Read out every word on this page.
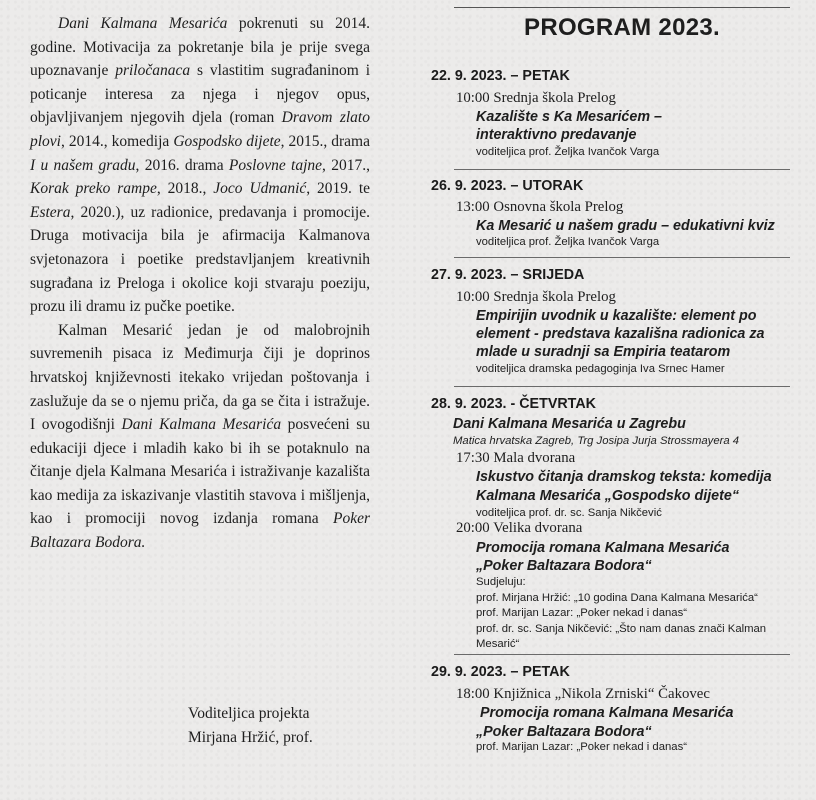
Dani Kalmana Mesarića pokrenuti su 2014. godine. Motivacija za pokretanje bila je prije svega upoznavanje priločanaca s vlastitim sugrađaninom i poticanje interesa za njega i njegov opus, objavljivanjem njegovih djela (roman Dravom zlato plovi, 2014., komedija Gospodsko dijete, 2015., drama I u našem gradu, 2016. drama Poslovne tajne, 2017., Korak preko rampe, 2018., Joco Udmanić, 2019. te Estera, 2020.), uz radionice, predavanja i promocije. Druga motivacija bila je afirmacija Kalmanova svjetonazora i poetike predstavljanjem kreativnih sugrađana iz Preloga i okolice koji stvaraju poeziju, prozu ili dramu iz pučke poetike.

Kalman Mesarić jedan je od malobrojnih suvremenih pisaca iz Međimurja čiji je doprinos hrvatskoj književnosti itekako vrijedan poštovanja i zaslužuje da se o njemu priča, da ga se čita i istražuje. I ovogodišnji Dani Kalmana Mesarića posvećeni su edukaciji djece i mladih kako bi ih se potaknulo na čitanje djela Kalmana Mesarića i istraživanje kazališta kao medija za iskazivanje vlastitih stavova i mišljenja, kao i promociji novog izdanja romana Poker Baltazara Bodora.

Voditeljica projekta
Mirjana Hržić, prof.
PROGRAM 2023.
22. 9. 2023. – PETAK
10:00 Srednja škola Prelog
Kazalište s Ka Mesarićem –
interaktivno predavanje
voditeljica prof. Željka Ivančok Varga
26. 9. 2023. – UTORAK
13:00 Osnovna škola Prelog
Ka Mesarić u našem gradu – edukativni kviz
voditeljica prof. Željka Ivančok Varga
27. 9. 2023. – SRIJEDA
10:00 Srednja škola Prelog
Empirijin uvodnik u kazalište: element po
element - predstava kazališna radionica za
mlade u suradnji sa Empiria teatarom
voditeljica dramska pedagoginja Iva Srnec Hamer
28. 9. 2023. - ČETVRTAK
Dani Kalmana Mesarića u Zagrebu
Matica hrvatska Zagreb, Trg Josipa Jurja Strossmayera 4
17:30 Mala dvorana
Iskustvo čitanja dramskog teksta: komedija
Kalmana Mesarića „Gospodsko dijete“
voditeljica prof. dr. sc. Sanja Nikčević
20:00 Velika dvorana
Promocija romana Kalmana Mesarića
„Poker Baltazara Bodora“
Sudjeluju:
prof. Mirjana Hržić: „10 godina Dana Kalmana Mesarića“
prof. Marijan Lazar: „Poker nekad i danas“
prof. dr. sc. Sanja Nikčević: „Što nam danas znači Kalman
Mesarić“
29. 9. 2023. – PETAK
18:00 Knjižnica „Nikola Zrniski“ Čakovec
Promocija romana Kalmana Mesarića
„Poker Baltazara Bodora“
prof. Marijan Lazar: „Poker nekad i danas“
